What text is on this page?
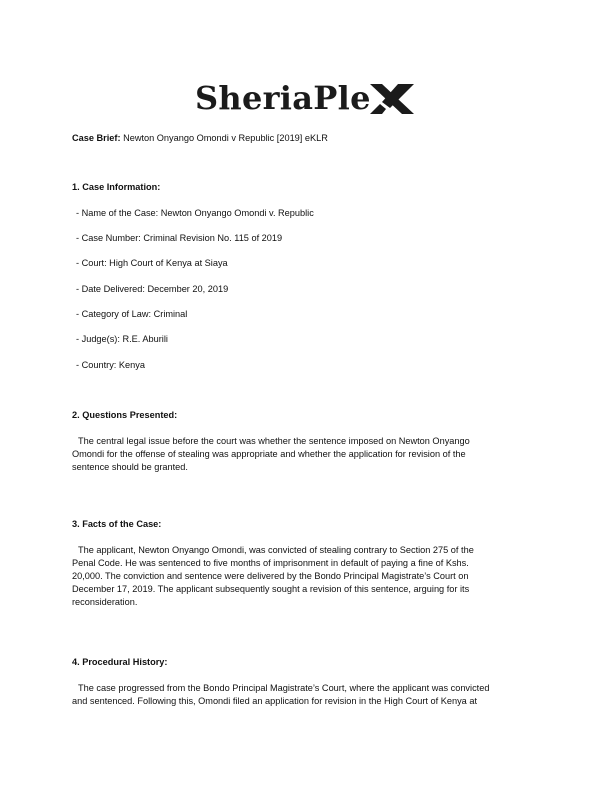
SheriaPle
Case Brief: Newton Onyango Omondi v Republic [2019] eKLR
1. Case Information:
- Name of the Case: Newton Onyango Omondi v. Republic
- Case Number: Criminal Revision No. 115 of 2019
- Court: High Court of Kenya at Siaya
- Date Delivered: December 20, 2019
- Category of Law: Criminal
- Judge(s): R.E. Aburili
- Country: Kenya
2. Questions Presented:
The central legal issue before the court was whether the sentence imposed on Newton Onyango
Omondi for the offense of stealing was appropriate and whether the application for revision of the
sentence should be granted.
3. Facts of the Case:
The applicant, Newton Onyango Omondi, was convicted of stealing contrary to Section 275 of the
Penal Code. He was sentenced to five months of imprisonment in default of paying a fine of Kshs.
20,000. The conviction and sentence were delivered by the Bondo Principal Magistrate’s Court on
December 17, 2019. The applicant subsequently sought a revision of this sentence, arguing for its
reconsideration.
4. Procedural History:
The case progressed from the Bondo Principal Magistrate’s Court, where the applicant was convicted
and sentenced. Following this, Omondi filed an application for revision in the High Court of Kenya at
